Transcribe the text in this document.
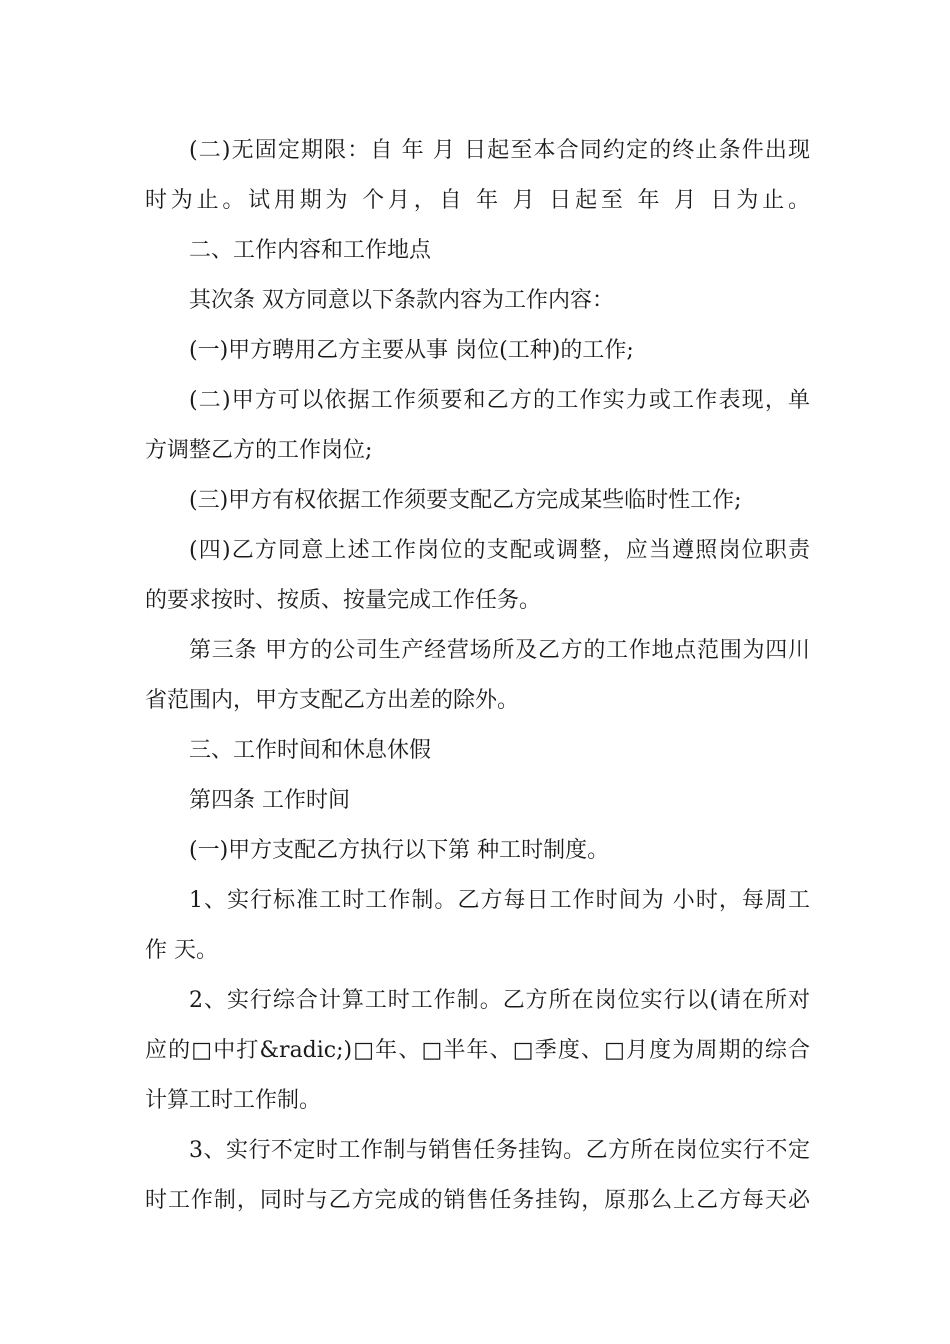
(二)无固定期限：自 年 月 日起至本合同约定的终止条件出现
时为止。试用期为 个月，自 年 月 日起至 年 月 日为止。
二、工作内容和工作地点
其次条 双方同意以下条款内容为工作内容：
(一)甲方聘用乙方主要从事 岗位(工种)的工作;
(二)甲方可以依据工作须要和乙方的工作实力或工作表现，单
方调整乙方的工作岗位;
(三)甲方有权依据工作须要支配乙方完成某些临时性工作;
(四)乙方同意上述工作岗位的支配或调整，应当遵照岗位职责
的要求按时、按质、按量完成工作任务。
第三条 甲方的公司生产经营场所及乙方的工作地点范围为四川
省范围内，甲方支配乙方出差的除外。
三、工作时间和休息休假
第四条 工作时间
(一)甲方支配乙方执行以下第 种工时制度。
1、实行标准工时工作制。乙方每日工作时间为 小时，每周工
作 天。
2、实行综合计算工时工作制。乙方所在岗位实行以(请在所对
应的□中打&radic;)□年、□半年、□季度、□月度为周期的综合
计算工时工作制。
3、实行不定时工作制与销售任务挂钩。乙方所在岗位实行不定
时工作制，同时与乙方完成的销售任务挂钩，原那么上乙方每天必
